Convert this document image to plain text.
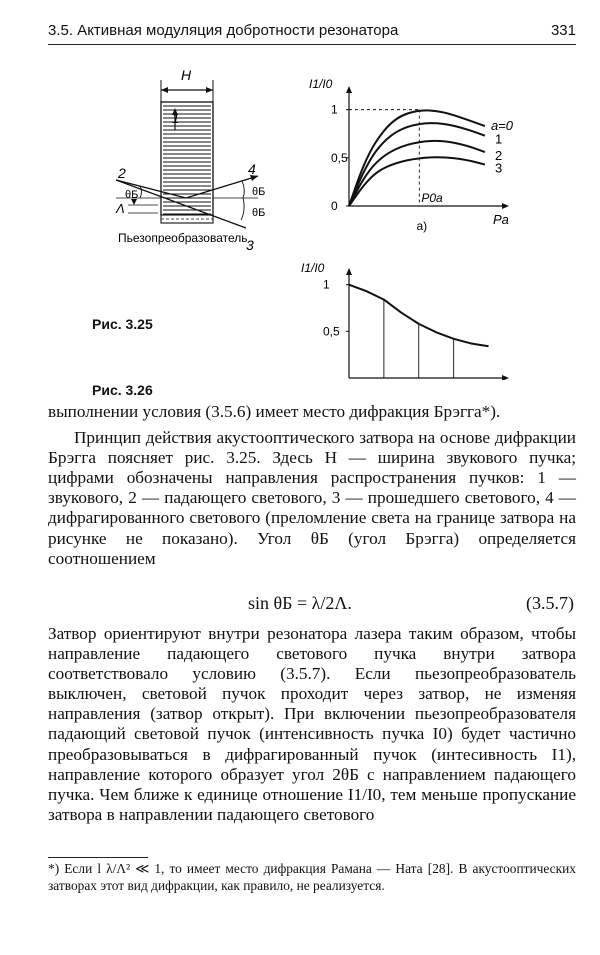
3.5. Активная модуляция добротности резонатора	331
H
1
2
3
4
θБ	θБ
θБ
Λ
Пьезопреобразователь
I1/I0
Pa
0
0,5
1
P0a
а)
a=0
1
2
3
I1/I0
0,5
1
Рис. 3.25
Рис. 3.26

выполнении условия (3.5.6) имеет место дифракция Брэгга*).

Принцип действия акустооптического затвора на основе дифракции Брэгга поясняет рис. 3.25. Здесь H — ширина звукового пучка; цифрами обозначены направления распространения пучков: 1 — звукового, 2 — падающего светового, 3 — прошедшего светового, 4 — дифрагированного светового (преломление света на границе затвора на рисунке не показано). Угол θБ (угол Брэгга) определяется соотношением

sin θБ = λ/2Λ.	(3.5.7)

Затвор ориентируют внутри резонатора лазера таким образом, чтобы направление падающего светового пучка внутри затвора соответствовало условию (3.5.7). Если пьезопреобразователь выключен, световой пучок проходит через затвор, не изменяя направления (затвор открыт). При включении пьезопреобразователя падающий световой пучок (интенсивность пучка I0) будет частично преобразовываться в дифрагированный пучок (интесивность I1), направление которого образует угол 2θБ с направлением падающего пучка. Чем ближе к единице отношение I1/I0, тем меньше пропускание затвора в направлении падающего светового

*) Если l λ/Λ² ≪ 1, то имеет место дифракция Рамана — Ната [28]. В акустооптических затворах этот вид дифракции, как правило, не реализуется.
